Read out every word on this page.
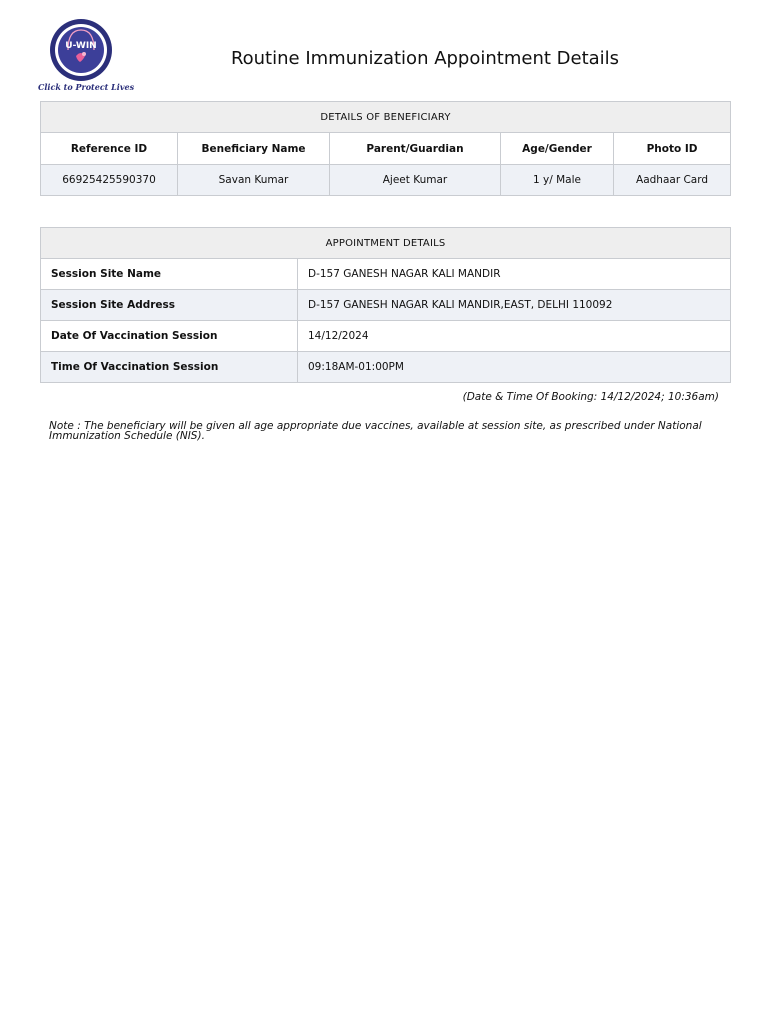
U-WIN
Click to Protect Lives
Routine Immunization Appointment Details
DETAILS OF BENEFICIARY				
Reference ID	Beneficiary Name	Parent/Guardian	Age/Gender	Photo ID
66925425590370	Savan Kumar	Ajeet Kumar	1 y/ Male	Aadhaar Card
APPOINTMENT DETAILS	
Session Site Name	D-157 GANESH NAGAR KALI MANDIR
Session Site Address	D-157 GANESH NAGAR KALI MANDIR,EAST, DELHI 110092
Date Of Vaccination Session	14/12/2024
Time Of Vaccination Session	09:18AM-01:00PM
(Date & Time Of Booking: 14/12/2024; 10:36am)
Note : The beneficiary will be given all age appropriate due vaccines, available at session site, as prescribed under National Immunization Schedule (NIS).
